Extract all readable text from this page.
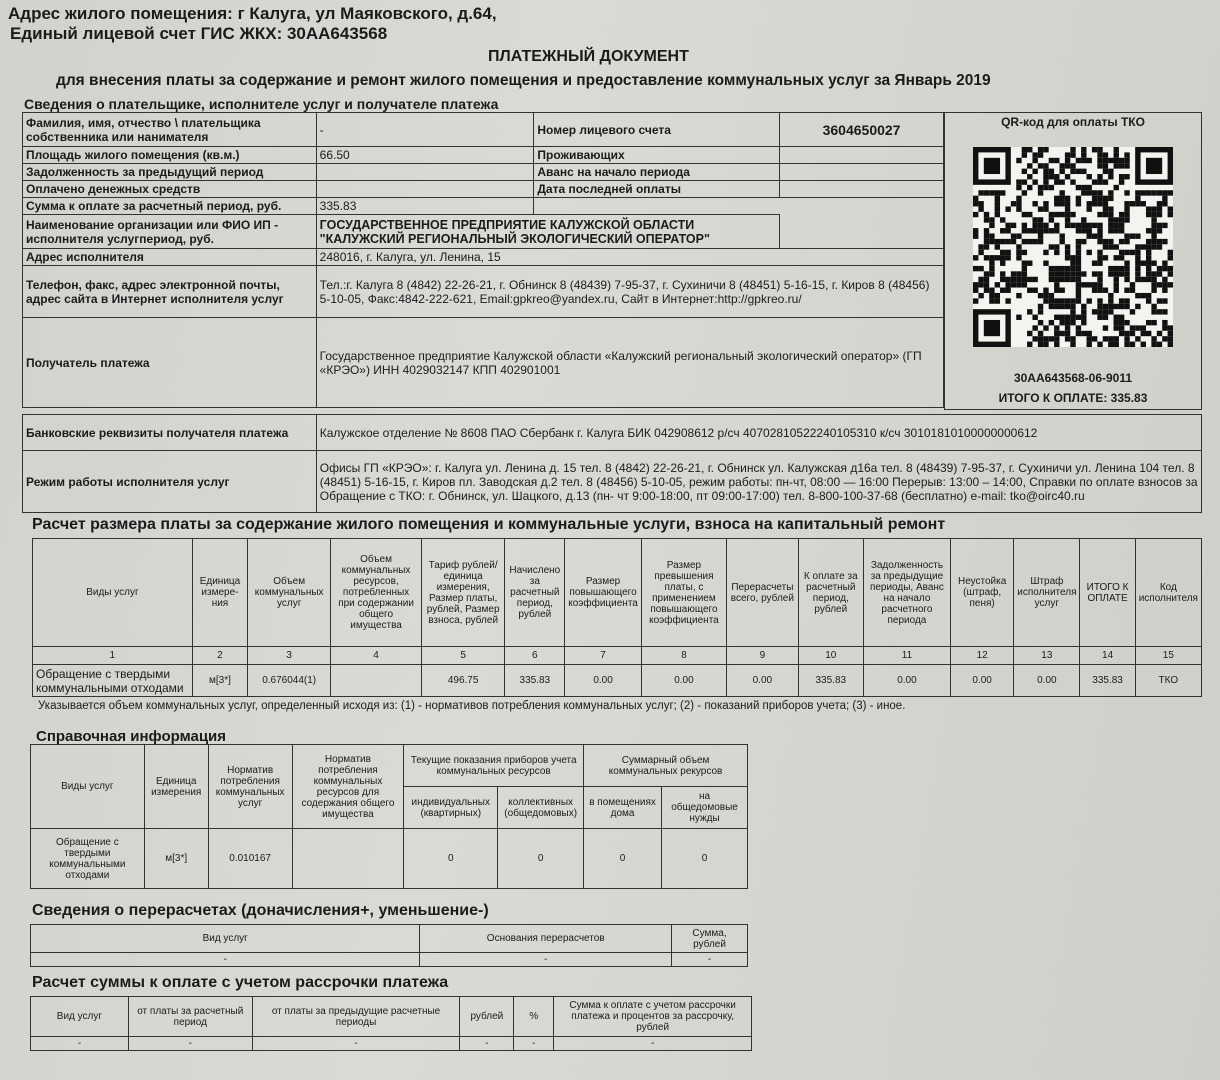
Адрес жилого помещения: г Калуга, ул Маяковского, д.64,
Единый лицевой счет ГИС ЖКХ: 30АА643568
ПЛАТЕЖНЫЙ ДОКУМЕНТ
для внесения платы за содержание и ремонт жилого помещения и предоставление коммунальных услуг за Январь 2019
Сведения о плательщике, исполнителе услуг и получателе платежа
Фамилия, имя, отчество \ плательщика собственника или нанимателя	-	Номер лицевого счета	3604650027
Площадь жилого помещения (кв.м.)	66.50	Проживающих	
Задолженность за предыдущий период		Аванс на начало периода	
Оплачено денежных средств		Дата последней оплаты	
Сумма к оплате за расчетный период, руб.	335.83		
Наименование организации или ФИО ИП - исполнителя услугпериод, руб.	ГОСУДАРСТВЕННОЕ ПРЕДПРИЯТИЕ КАЛУЖСКОЙ ОБЛАСТИ "КАЛУЖСКИЙ РЕГИОНАЛЬНЫЙ ЭКОЛОГИЧЕСКИЙ ОПЕРАТОР"		
Адрес исполнителя	248016, г. Калуга, ул. Ленина, 15		
Телефон, факс, адрес электронной почты, адрес сайта в Интернет исполнителя услуг	Тел.:г. Калуга 8 (4842) 22-26-21, г. Обнинск 8 (48439) 7-95-37, г. Сухиничи 8 (48451) 5-16-15, г. Киров 8 (48456) 5-10-05, Факс:4842-222-621, Email:gpkreo@yandex.ru, Сайт в Интернет:http://gpkreo.ru/		
Получатель платежа	Государственное предприятие Калужской области «Калужский региональный экологический оператор» (ГП «КРЭО») ИНН 4029032147 КПП 402901001		
QR-код для оплаты ТКО
30АА643568-06-9011
ИТОГО К ОПЛАТЕ: 335.83
Банковские реквизиты получателя платежа	Калужское отделение № 8608 ПАО Сбербанк г. Калуга БИК 042908612 р/сч 40702810522240105310 к/сч 30101810100000000612
Режим работы исполнителя услуг	Офисы ГП «КРЭО»: г. Калуга ул. Ленина д. 15 тел. 8 (4842) 22-26-21, г. Обнинск ул. Калужская д16а тел. 8 (48439) 7-95-37, г. Сухиничи ул. Ленина 104 тел. 8 (48451) 5-16-15, г. Киров пл. Заводская д.2 тел. 8 (48456) 5-10-05, режим работы: пн-чт, 08:00 — 16:00 Перерыв: 13:00 – 14:00, Справки по оплате взносов за Обращение с ТКО: г. Обнинск, ул. Шацкого, д.13 (пн- чт 9:00-18:00, пт 09:00-17:00) тел. 8-800-100-37-68 (бесплатно) e-mail: tko@oirc40.ru
Расчет размера платы за содержание жилого помещения и коммунальные услуги, взноса на капитальный ремонт
Виды услуг	Единица измере-ния	Объем коммунальных услуг	Объем коммунальных ресурсов, потребленных при содержании общего имущества	Тариф рублей/единица измерения, Размер платы, рублей, Размер взноса, рублей	Начислено за расчетный период, рублей	Размер повышающего коэффициента	Размер превышения платы, с применением повышающего коэффициента	Перерасчеты всего, рублей	К оплате за расчетный период, рублей	Задолженность за предыдущие периоды, Аванс на начало расчетного периода	Неустойка (штраф, пеня)	Штраф исполнителя услуг	ИТОГО К ОПЛАТЕ	Код исполнителя
1	2	3	4	5	6	7	8	9	10	11	12	13	14	15
Обращение с твердыми коммунальными отходами	м[3*]	0.676044(1)		496.75	335.83	0.00	0.00	0.00	335.83	0.00	0.00	0.00	335.83	ТКО
Указывается объем коммунальных услуг, определенный исходя из: (1) - нормативов потребления коммунальных услуг; (2) - показаний приборов учета; (3) - иное.
Справочная информация
Виды услуг	Единица измерения	Норматив потребления коммунальных услуг	Норматив потребления коммунальных ресурсов для содержания общего имущества	Текущие показания приборов учета коммунальных ресурсов		Суммарный объем коммунальных рекурсов	
				индивидуальных (квартирных)	коллективных (общедомовых)	в помещениях дома	на общедомовые нужды
Обращение с твердыми коммунальными отходами	м[3*]	0.010167		0	0	0	0
Сведения о перерасчетах (доначисления+, уменьшение-)
Вид услуг	Основания перерасчетов	Сумма, рублей
-	-	-
Расчет суммы к оплате с учетом рассрочки платежа
Вид услуг	от платы за расчетный период	от платы за предыдущие расчетные периоды	рублей	%	Сумма к оплате с учетом рассрочки платежа и процентов за рассрочку, рублей
-	-	-	-	-	-
